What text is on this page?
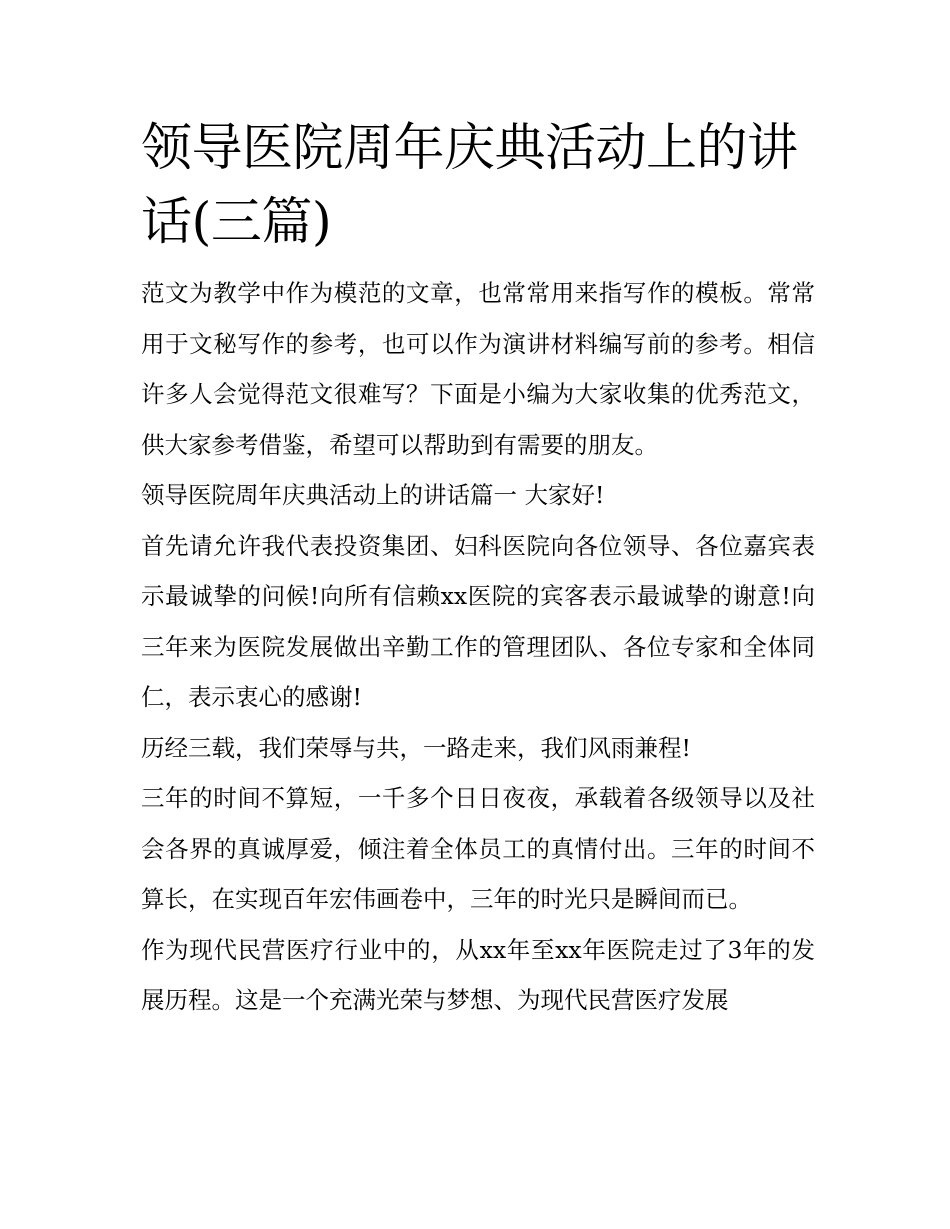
领导医院周年庆典活动上的讲话(三篇)

范文为教学中作为模范的文章，也常常用来指写作的模板。常常用于文秘写作的参考，也可以作为演讲材料编写前的参考。相信许多人会觉得范文很难写？下面是小编为大家收集的优秀范文，供大家参考借鉴，希望可以帮助到有需要的朋友。

领导医院周年庆典活动上的讲话篇一 大家好!

首先请允许我代表投资集团、妇科医院向各位领导、各位嘉宾表示最诚挚的问候!向所有信赖xx医院的宾客表示最诚挚的谢意!向三年来为医院发展做出辛勤工作的管理团队、各位专家和全体同仁，表示衷心的感谢!

历经三载，我们荣辱与共，一路走来，我们风雨兼程!

三年的时间不算短，一千多个日日夜夜，承载着各级领导以及社会各界的真诚厚爱，倾注着全体员工的真情付出。三年的时间不算长，在实现百年宏伟画卷中，三年的时光只是瞬间而已。

作为现代民营医疗行业中的，从xx年至xx年医院走过了3年的发展历程。这是一个充满光荣与梦想、为现代民营医疗发展
